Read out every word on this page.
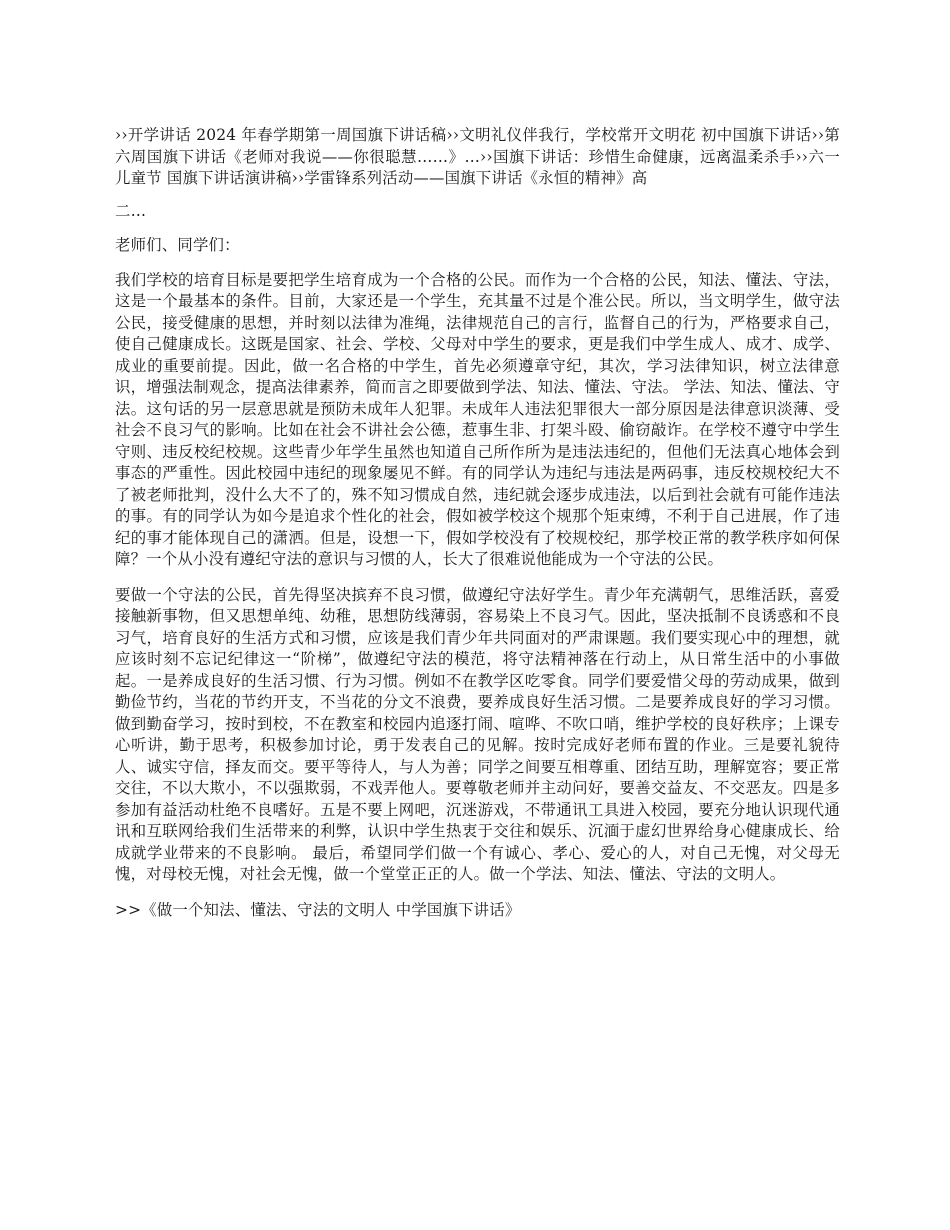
››开学讲话 2024 年春学期第一周国旗下讲话稿››文明礼仪伴我行，学校常开文明花 初中国旗下讲话››第六周国旗下讲话《老师对我说——你很聪慧……》…››国旗下讲话：珍惜生命健康，远离温柔杀手››六一儿童节 国旗下讲话演讲稿››学雷锋系列活动——国旗下讲话《永恒的精神》高

二…

老师们、同学们：

我们学校的培育目标是要把学生培育成为一个合格的公民。而作为一个合格的公民，知法、懂法、守法，这是一个最基本的条件。目前，大家还是一个学生，充其量不过是个准公民。所以，当文明学生，做守法公民，接受健康的思想，并时刻以法律为准绳，法律规范自己的言行，监督自己的行为，严格要求自己，使自己健康成长。这既是国家、社会、学校、父母对中学生的要求，更是我们中学生成人、成才、成学、成业的重要前提。因此，做一名合格的中学生，首先必须遵章守纪，其次，学习法律知识，树立法律意识，增强法制观念，提高法律素养，简而言之即要做到学法、知法、懂法、守法。 学法、知法、懂法、守法。这句话的另一层意思就是预防未成年人犯罪。未成年人违法犯罪很大一部分原因是法律意识淡薄、受社会不良习气的影响。比如在社会不讲社会公德，惹事生非、打架斗殴、偷窃敲诈。在学校不遵守中学生守则、违反校纪校规。这些青少年学生虽然也知道自己所作所为是违法违纪的，但他们无法真心地体会到事态的严重性。因此校园中违纪的现象屡见不鲜。有的同学认为违纪与违法是两码事，违反校规校纪大不了被老师批判，没什么大不了的，殊不知习惯成自然，违纪就会逐步成违法，以后到社会就有可能作违法的事。有的同学认为如今是追求个性化的社会，假如被学校这个规那个矩束缚，不利于自己进展，作了违纪的事才能体现自己的潇洒。但是，设想一下，假如学校没有了校规校纪，那学校正常的教学秩序如何保障？一个从小没有遵纪守法的意识与习惯的人，长大了很难说他能成为一个守法的公民。

要做一个守法的公民，首先得坚决摈弃不良习惯，做遵纪守法好学生。青少年充满朝气，思维活跃，喜爱接触新事物，但又思想单纯、幼稚，思想防线薄弱，容易染上不良习气。因此，坚决抵制不良诱惑和不良习气，培育良好的生活方式和习惯，应该是我们青少年共同面对的严肃课题。我们要实现心中的理想，就应该时刻不忘记纪律这一“阶梯”，做遵纪守法的模范，将守法精神落在行动上，从日常生活中的小事做起。一是养成良好的生活习惯、行为习惯。例如不在教学区吃零食。同学们要爱惜父母的劳动成果，做到勤俭节约，当花的节约开支，不当花的分文不浪费，要养成良好生活习惯。二是要养成良好的学习习惯。做到勤奋学习，按时到校，不在教室和校园内追逐打闹、喧哗、不吹口哨，维护学校的良好秩序；上课专心听讲，勤于思考，积极参加讨论，勇于发表自己的见解。按时完成好老师布置的作业。三是要礼貌待人、诚实守信，择友而交。要平等待人，与人为善；同学之间要互相尊重、团结互助，理解宽容；要正常交往，不以大欺小，不以强欺弱，不戏弄他人。要尊敬老师并主动问好，要善交益友、不交恶友。四是多参加有益活动杜绝不良嗜好。五是不要上网吧，沉迷游戏，不带通讯工具进入校园，要充分地认识现代通讯和互联网给我们生活带来的利弊，认识中学生热衷于交往和娱乐、沉湎于虚幻世界给身心健康成长、给成就学业带来的不良影响。 最后，希望同学们做一个有诚心、孝心、爱心的人，对自己无愧，对父母无愧，对母校无愧，对社会无愧，做一个堂堂正正的人。做一个学法、知法、懂法、守法的文明人。

>>《做一个知法、懂法、守法的文明人 中学国旗下讲话》
